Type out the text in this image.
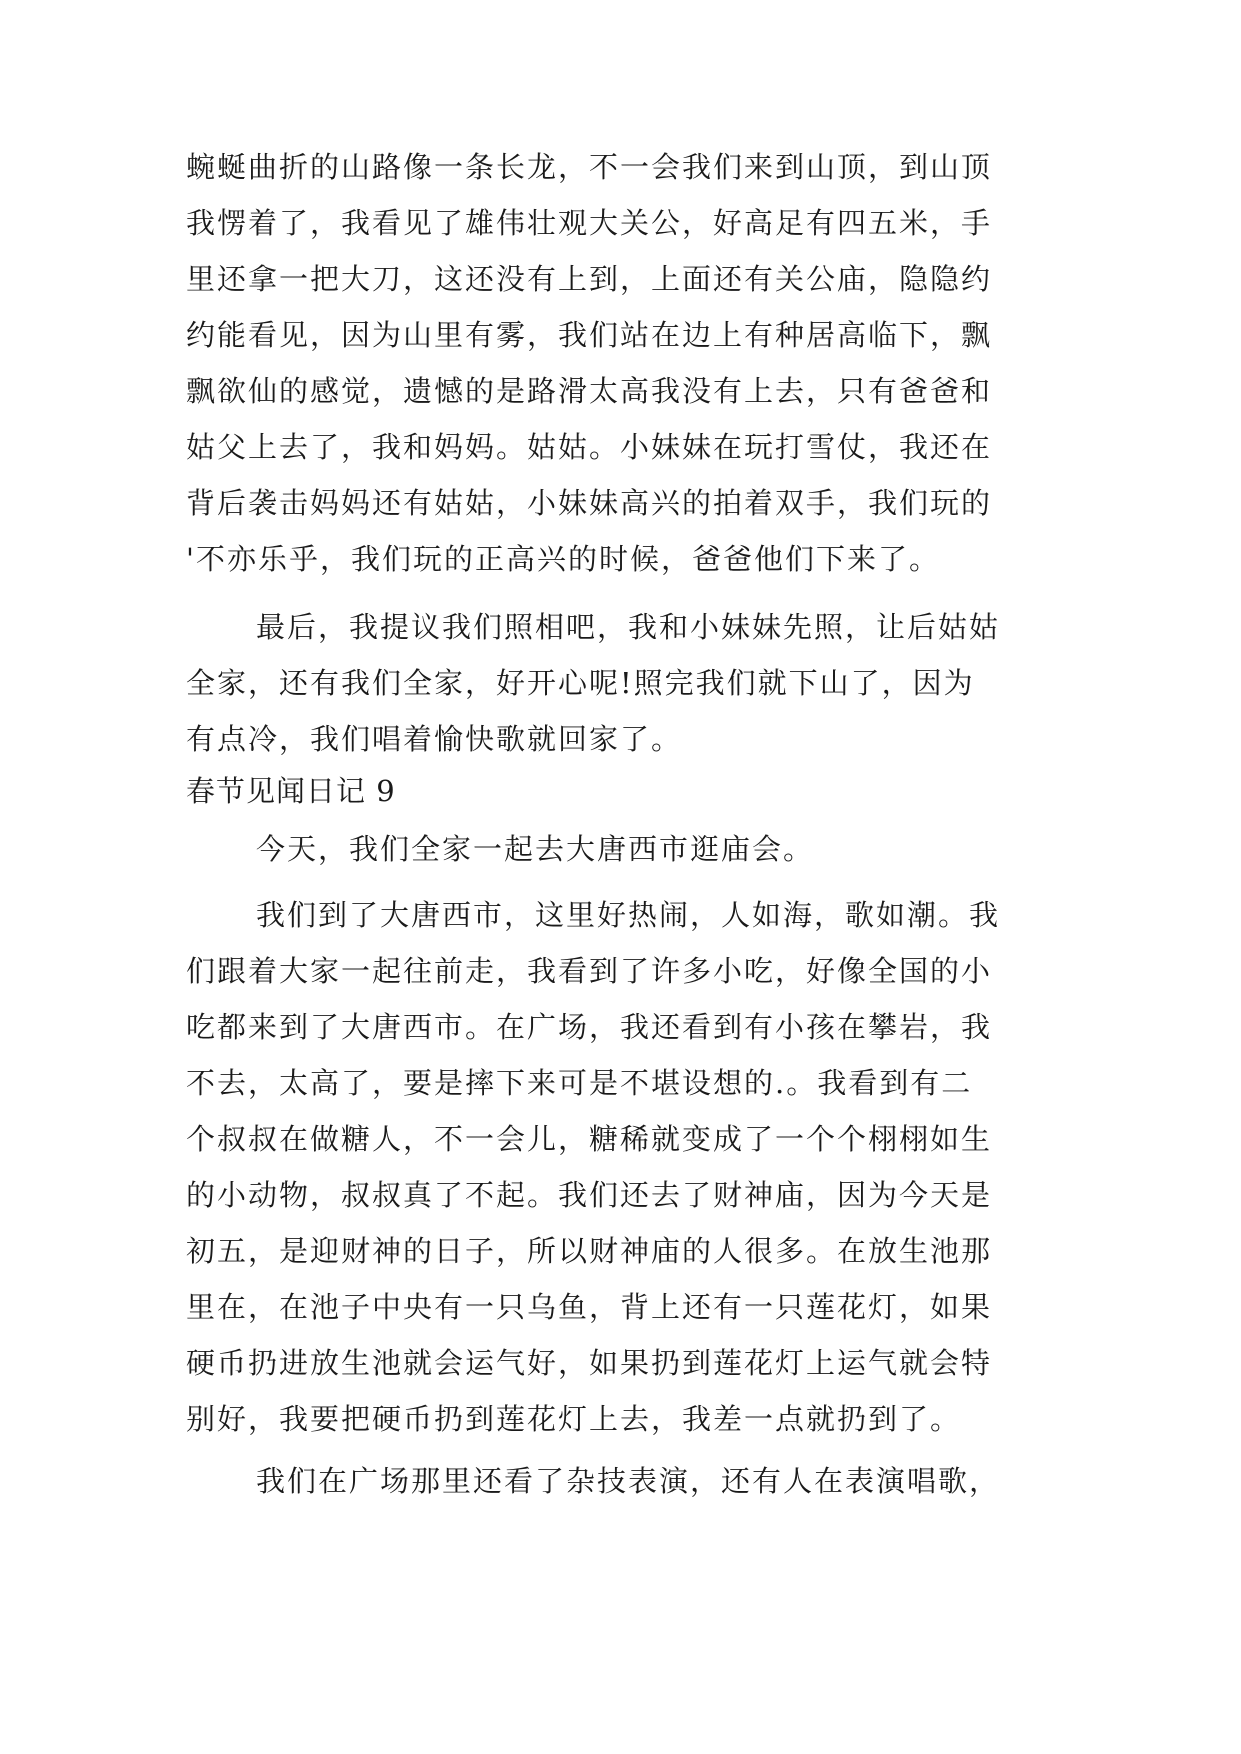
蜿蜒曲折的山路像一条长龙，不一会我们来到山顶，到山顶
我愣着了，我看见了雄伟壮观大关公，好高足有四五米，手
里还拿一把大刀，这还没有上到，上面还有关公庙，隐隐约
约能看见，因为山里有雾，我们站在边上有种居高临下，飘
飘欲仙的感觉，遗憾的是路滑太高我没有上去，只有爸爸和
姑父上去了，我和妈妈。姑姑。小妹妹在玩打雪仗，我还在
背后袭击妈妈还有姑姑，小妹妹高兴的拍着双手，我们玩的
'不亦乐乎，我们玩的正高兴的时候，爸爸他们下来了。
最后，我提议我们照相吧，我和小妹妹先照，让后姑姑
全家，还有我们全家，好开心呢!照完我们就下山了，因为
有点冷，我们唱着愉快歌就回家了。
春节见闻日记 9
今天，我们全家一起去大唐西市逛庙会。
我们到了大唐西市，这里好热闹，人如海，歌如潮。我
们跟着大家一起往前走，我看到了许多小吃，好像全国的小
吃都来到了大唐西市。在广场，我还看到有小孩在攀岩，我
不去，太高了，要是摔下来可是不堪设想的.。我看到有二
个叔叔在做糖人，不一会儿，糖稀就变成了一个个栩栩如生
的小动物，叔叔真了不起。我们还去了财神庙，因为今天是
初五，是迎财神的日子，所以财神庙的人很多。在放生池那
里在，在池子中央有一只乌鱼，背上还有一只莲花灯，如果
硬币扔进放生池就会运气好，如果扔到莲花灯上运气就会特
别好，我要把硬币扔到莲花灯上去，我差一点就扔到了。
我们在广场那里还看了杂技表演，还有人在表演唱歌，
